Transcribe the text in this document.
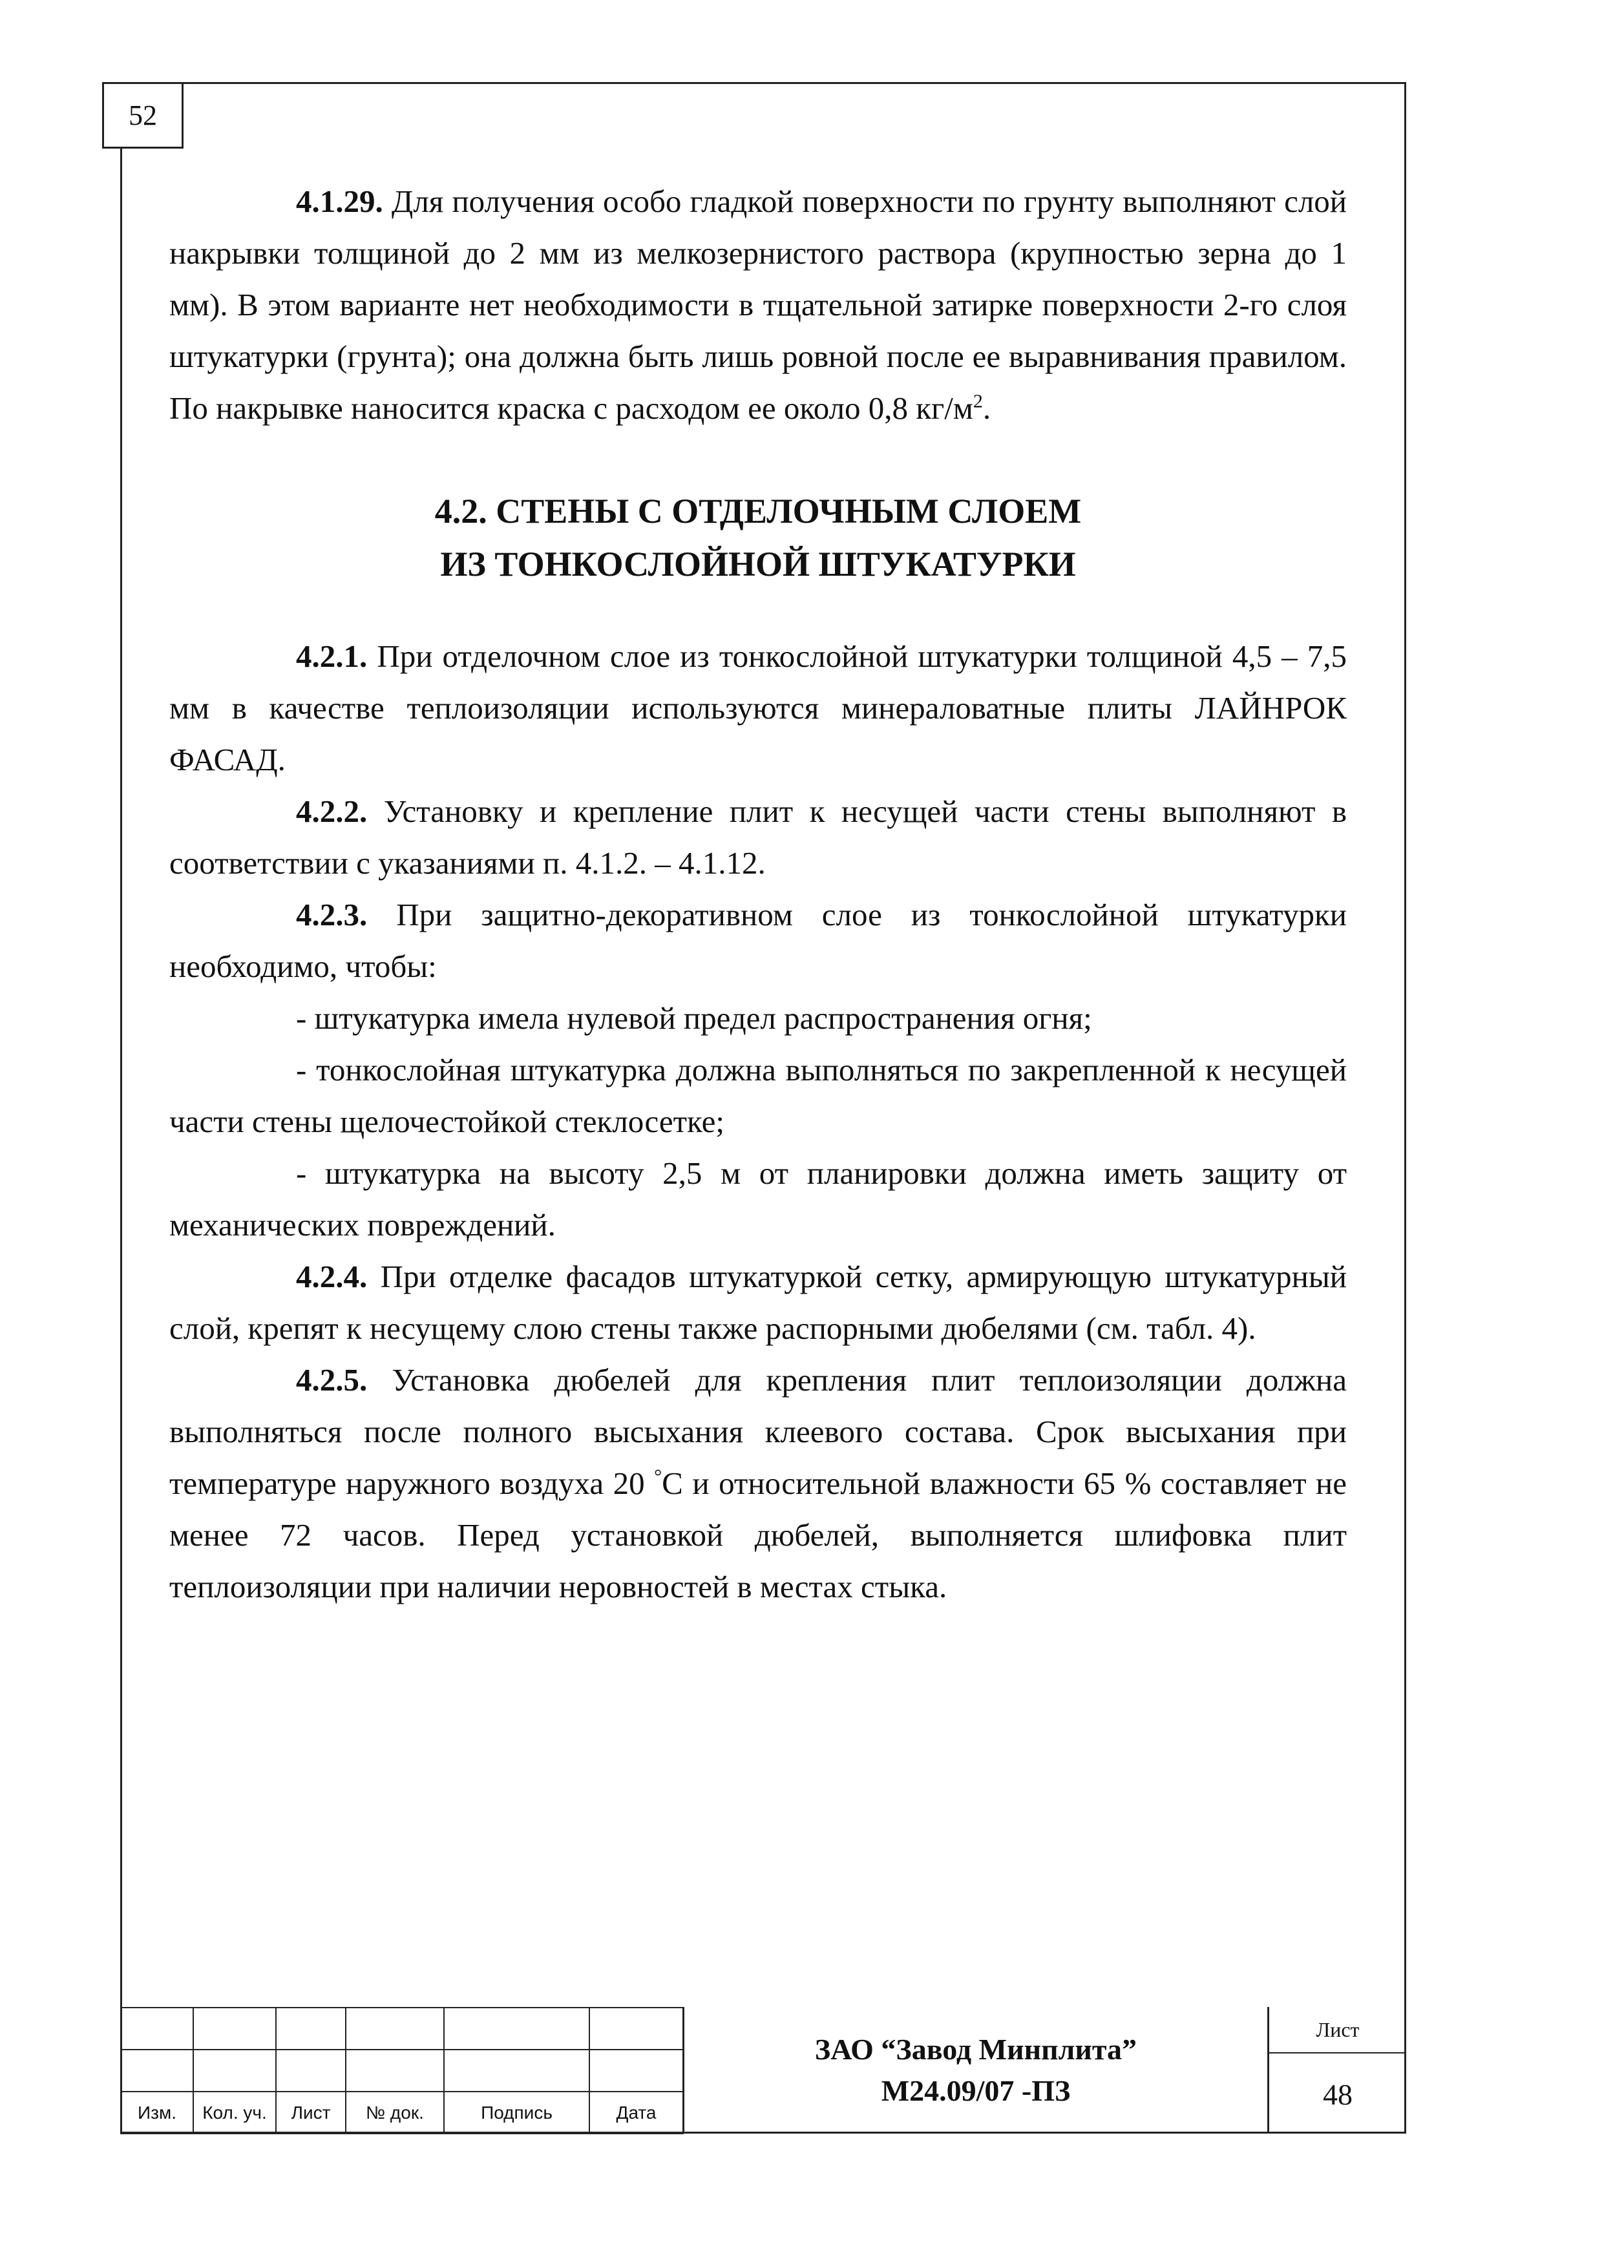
52

4.1.29. Для получения особо гладкой поверхности по грунту выполняют слой накрывки толщиной до 2 мм из мелкозернистого раствора (крупностью зерна до 1 мм). В этом варианте нет необходимости в тщательной затирке поверхности 2-го слоя штукатурки (грунта); она должна быть лишь ровной после ее выравнивания правилом. По накрывке наносится краска с расходом ее около 0,8 $кг/м^2$.

4.2. СТЕНЫ С ОТДЕЛОЧНЫМ СЛОЕМ
ИЗ ТОНКОСЛОЙНОЙ ШТУКАТУРКИ

4.2.1. При отделочном слое из тонкослойной штукатурки толщиной 4,5 – 7,5 мм в качестве теплоизоляции используются минераловатные плиты ЛАЙНРОК ФАСАД.

4.2.2. Установку и крепление плит к несущей части стены выполняют в соответствии с указаниями п. 4.1.2. – 4.1.12.

4.2.3. При защитно-декоративном слое из тонкослойной штукатурки необходимо, чтобы:

- штукатурка имела нулевой предел распространения огня;

- тонкослойная штукатурка должна выполняться по закрепленной к несущей части стены щелочестойкой стеклосетке;

- штукатурка на высоту 2,5 м от планировки должна иметь защиту от механических повреждений.

4.2.4. При отделке фасадов штукатуркой сетку, армирующую штукатурный слой, крепят к несущему слою стены также распорными дюбелями (см. табл. 4).

4.2.5. Установка дюбелей для крепления плит теплоизоляции должна выполняться после полного высыхания клеевого состава. Срок высыхания при температуре наружного воздуха 20 °С и относительной влажности 65 % составляет не менее 72 часов. Перед установкой дюбелей, выполняется шлифовка плит теплоизоляции при наличии неровностей в местах стыка.

Изм.	Кол. уч.	Лист	№ док.	Подпись	Дата
ЗАО “Завод Минплита”
М24.09/07 -ПЗ
Лист
48
